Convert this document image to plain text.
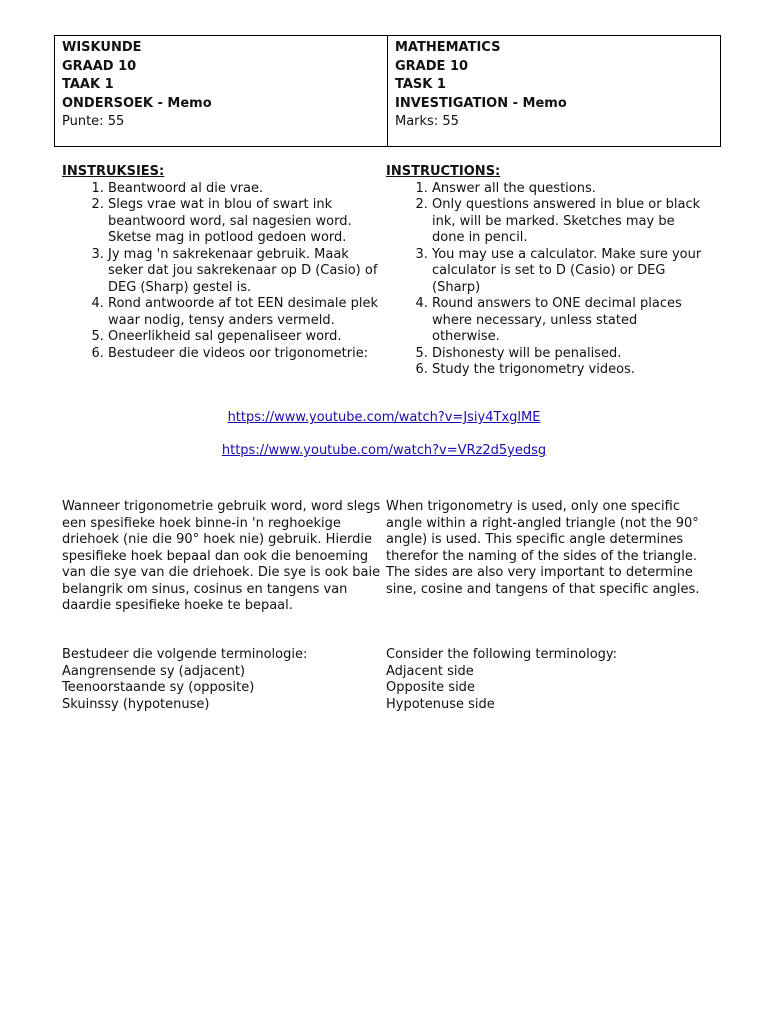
WISKUNDE
GRAAD 10
TAAK 1
ONDERSOEK - Memo
Punte: 55
MATHEMATICS
GRADE 10
TASK 1
INVESTIGATION - Memo
Marks: 55
INSTRUKSIES:
1. Beantwoord al die vrae.
2. Slegs vrae wat in blou of swart ink beantwoord word, sal nagesien word. Sketse mag in potlood gedoen word.
3. Jy mag 'n sakrekenaar gebruik. Maak seker dat jou sakrekenaar op D (Casio) of DEG (Sharp) gestel is.
4. Rond antwoorde af tot EEN desimale plek waar nodig, tensy anders vermeld.
5. Oneerlikheid sal gepenaliseer word.
6. Bestudeer die videos oor trigonometrie:
INSTRUCTIONS:
1. Answer all the questions.
2. Only questions answered in blue or black ink, will be marked. Sketches may be done in pencil.
3. You may use a calculator. Make sure your calculator is set to D (Casio) or DEG (Sharp)
4. Round answers to ONE decimal places where necessary, unless stated otherwise.
5. Dishonesty will be penalised.
6. Study the trigonometry videos.
https://www.youtube.com/watch?v=Jsiy4TxglME
https://www.youtube.com/watch?v=VRz2d5yedsg

Wanneer trigonometrie gebruik word, word slegs een spesifieke hoek binne-in 'n reghoekige driehoek (nie die 90° hoek nie) gebruik. Hierdie spesifieke hoek bepaal dan ook die benoeming van die sye van die driehoek. Die sye is ook baie belangrik om sinus, cosinus en tangens van daardie spesifieke hoeke te bepaal.

When trigonometry is used, only one specific angle within a right-angled triangle (not the 90° angle) is used. This specific angle determines therefor the naming of the sides of the triangle. The sides are also very important to determine sine, cosine and tangens of that specific angles.

Bestudeer die volgende terminologie:
Aangrensende sy (adjacent)
Teenoorstaande sy (opposite)
Skuinssy (hypotenuse)
Consider the following terminology:
Adjacent side
Opposite side
Hypotenuse side
